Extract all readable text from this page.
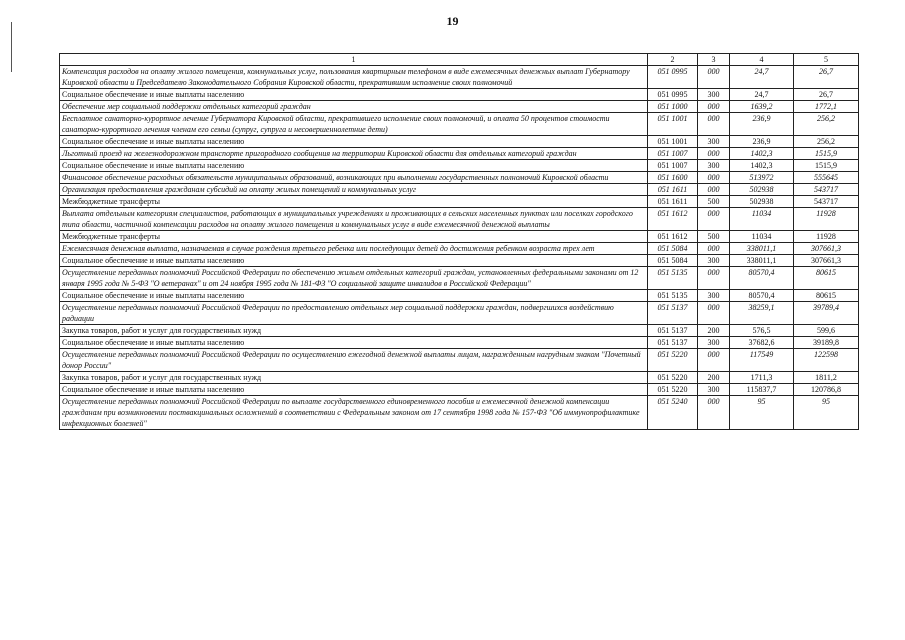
19
1	2	3	4	5
Компенсация расходов на оплату жилого помещения, коммунальных услуг, пользования квартирным телефоном в виде ежемесячных денежных выплат Губернатору Кировской области и Председателю Законодательного Собрания Кировской области, прекратившим исполнение своих полномочий	051 0995	000	24,7	26,7
Социальное обеспечение и иные выплаты населению	051 0995	300	24,7	26,7
Обеспечение мер социальной поддержки отдельных категорий граждан	051 1000	000	1639,2	1772,1
Бесплатное санаторно-курортное лечение Губернатора Кировской области, прекратившего исполнение своих полномочий, и оплата 50 процентов стоимости санаторно-курортного лечения членам его семьи (супруг, супруга и несовершеннолетние дети)	051 1001	000	236,9	256,2
Социальное обеспечение и иные выплаты населению	051 1001	300	236,9	256,2
Льготный проезд на железнодорожном транспорте пригородного сообщения на территории Кировской области для отдельных категорий граждан	051 1007	000	1402,3	1515,9
Социальное обеспечение и иные выплаты населению	051 1007	300	1402,3	1515,9
Финансовое обеспечение расходных обязательств муниципальных образований, возникающих при выполнении государственных полномочий Кировской области	051 1600	000	513972	555645
Организация предоставления гражданам субсидий на оплату жилых помещений и коммунальных услуг	051 1611	000	502938	543717
Межбюджетные трансферты	051 1611	500	502938	543717
Выплата отдельным категориям специалистов, работающих в муниципальных учреждениях и проживающих в сельских населенных пунктах или поселках городского типа области, частичной компенсации расходов на оплату жилого помещения и коммунальных услуг в виде ежемесячной денежной выплаты	051 1612	000	11034	11928
Межбюджетные трансферты	051 1612	500	11034	11928
Ежемесячная денежная выплата, назначаемая в случае рождения третьего ребенка или последующих детей до достижения ребенком возраста трех лет	051 5084	000	338011,1	307661,3
Социальное обеспечение и иные выплаты населению	051 5084	300	338011,1	307661,3
Осуществление переданных полномочий Российской Федерации по обеспечению жильем отдельных категорий граждан, установленных федеральными законами от 12 января 1995 года № 5-ФЗ "О ветеранах" и от 24 ноября 1995 года № 181-ФЗ "О социальной защите инвалидов в Российской Федерации"	051 5135	000	80570,4	80615
Социальное обеспечение и иные выплаты населению	051 5135	300	80570,4	80615
Осуществление переданных полномочий Российской Федерации по предоставлению отдельных мер социальной поддержки граждан, подвергшихся воздействию радиации	051 5137	000	38259,1	39789,4
Закупка товаров, работ и услуг для государственных нужд	051 5137	200	576,5	599,6
Социальное обеспечение и иные выплаты населению	051 5137	300	37682,6	39189,8
Осуществление переданных полномочий Российской Федерации по осуществлению ежегодной денежной выплаты лицам, награжденным нагрудным знаком "Почетный донор России"	051 5220	000	117549	122598
Закупка товаров, работ и услуг для государственных нужд	051 5220	200	1711,3	1811,2
Социальное обеспечение и иные выплаты населению	051 5220	300	115837,7	120786,8
Осуществление переданных полномочий Российской Федерации по выплате государственного единовременного пособия и ежемесячной денежной компенсации гражданам при возникновении поствакцинальных осложнений в соответствии с Федеральным законом от 17 сентября 1998 года № 157-ФЗ "Об иммунопрофилактике инфекционных болезней"	051 5240	000	95	95
